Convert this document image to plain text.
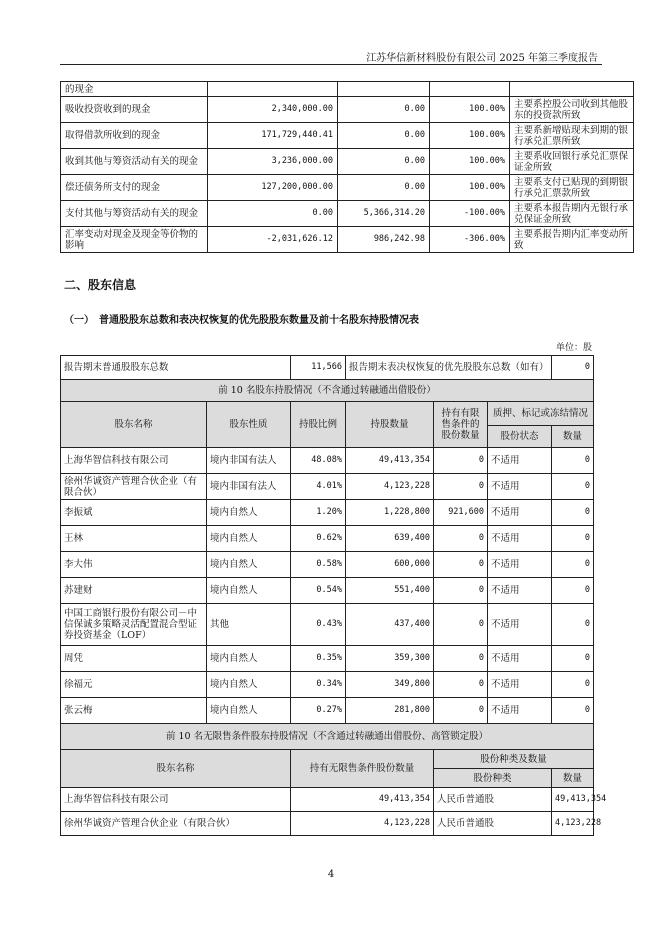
江苏华信新材料股份有限公司 2025 年第三季度报告
的现金				
吸收投资收到的现金	2,340,000.00	0.00	100.00%	主要系控股公司收到其他股东的投资款所致
取得借款所收到的现金	171,729,440.41	0.00	100.00%	主要系新增贴现未到期的银行承兑汇票所致
收到其他与筹资活动有关的现金	3,236,000.00	0.00	100.00%	主要系收回银行承兑汇票保证金所致
偿还债务所支付的现金	127,200,000.00	0.00	100.00%	主要系支付已贴现的到期银行承兑汇票款所致
支付其他与筹资活动有关的现金	0.00	5,366,314.20	-100.00%	主要系本报告期内无银行承兑保证金所致
汇率变动对现金及现金等价物的影响	-2,031,626.12	986,242.98	-306.00%	主要系报告期内汇率变动所致
二、股东信息
（一）　普通股股东总数和表决权恢复的优先股股东数量及前十名股东持股情况表
单位：股
报告期末普通股股东总数		11,566	报告期末表决权恢复的优先股股东总数（如有）			0
前 10 名股东持股情况（不含通过转融通出借股份）						
股东名称	股东性质	持股比例	持股数量	持有有限售条件的股份数量	质押、标记或冻结情况	
					股份状态	数量
上海华智信科技有限公司	境内非国有法人	48.08%	49,413,354	0	不适用	0
徐州华诚资产管理合伙企业（有限合伙）	境内非国有法人	4.01%	4,123,228	0	不适用	0
李振斌	境内自然人	1.20%	1,228,800	921,600	不适用	0
王林	境内自然人	0.62%	639,400	0	不适用	0
李大伟	境内自然人	0.58%	600,000	0	不适用	0
苏建财	境内自然人	0.54%	551,400	0	不适用	0
中国工商银行股份有限公司－中信保诚多策略灵活配置混合型证券投资基金（LOF）	其他	0.43%	437,400	0	不适用	0
周凭	境内自然人	0.35%	359,300	0	不适用	0
徐福元	境内自然人	0.34%	349,800	0	不适用	0
张云梅	境内自然人	0.27%	281,800	0	不适用	0
前 10 名无限售条件股东持股情况（不含通过转融通出借股份、高管锁定股）						
股东名称		持有无限售条件股份数量		股份种类及数量		
				股份种类		数量
上海华智信科技有限公司		49,413,354		人民币普通股		49,413,354
徐州华诚资产管理合伙企业（有限合伙）		4,123,228		人民币普通股		4,123,228
4
